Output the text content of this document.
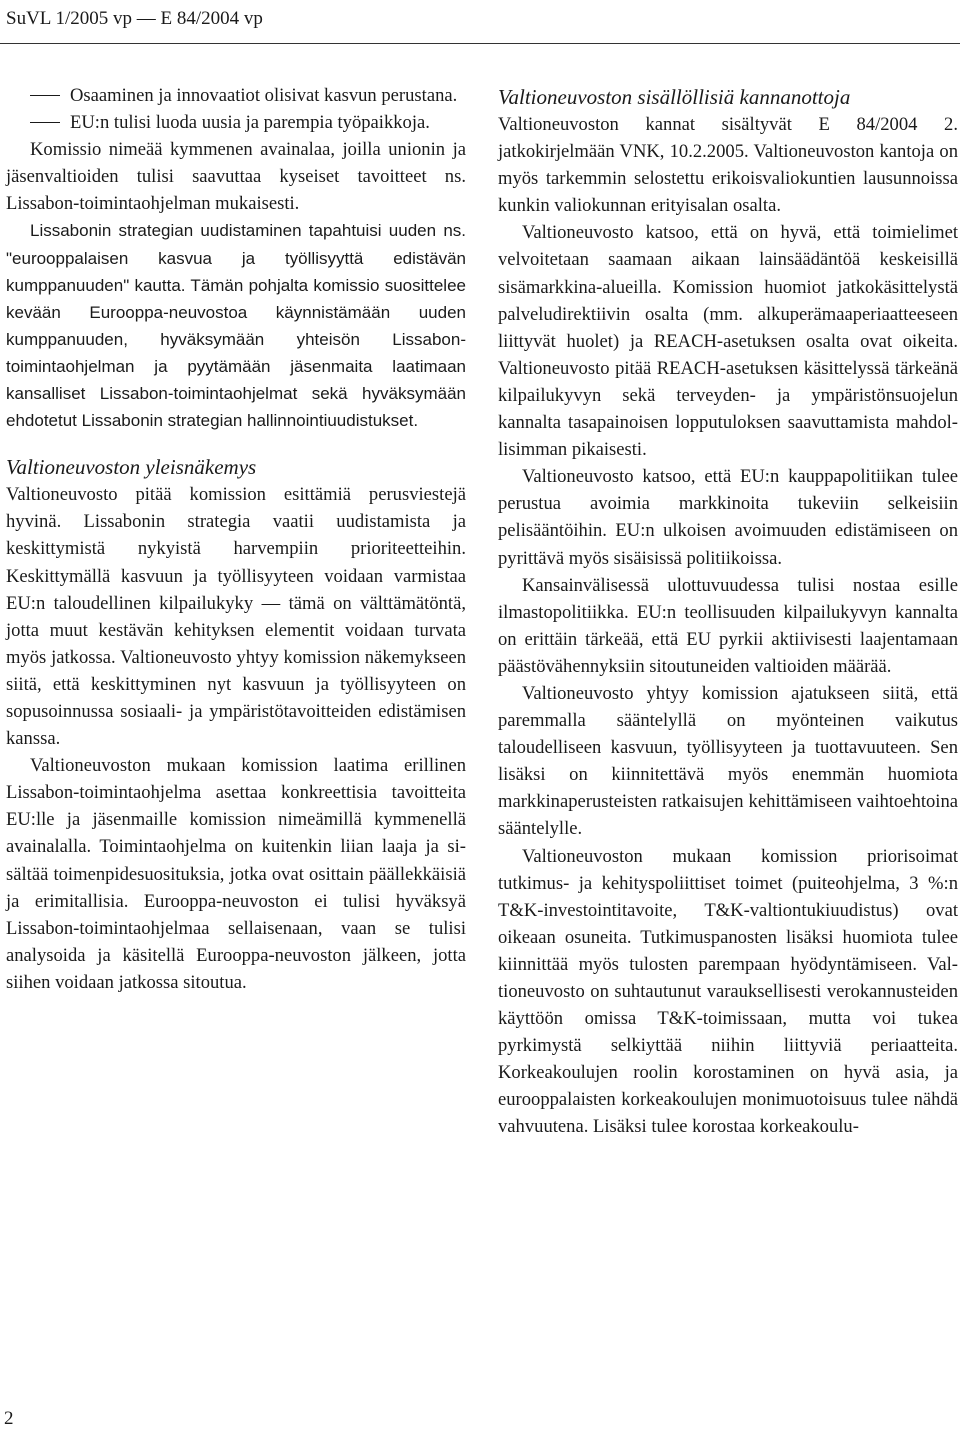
SuVL 1/2005 vp — E 84/2004 vp

Osaaminen ja innovaatiot olisivat kasvun perustana.

EU:n tulisi luoda uusia ja parempia työpaikkoja.

Komissio nimeää kymmenen avainalaa, joilla unionin ja jäsenvaltioiden tulisi saavuttaa kyseiset tavoitteet ns. Lissabon-toimintaohjelman mukaisesti.

Lissabonin strategian uudistaminen tapahtuisi uuden ns. "eurooppalaisen kasvua ja työllisyyttä edistävän kumppanuuden" kautta. Tämän pohjalta komissio suosittelee kevään Eurooppa-neuvostoa käynnistämään uuden kumppanuuden, hyväksymään yhteisön Lissabon-toimintaohjelman ja pyytämään jäsenmaita laatimaan kansalliset Lissabon-toimintaohjelmat sekä hyväksymään ehdotetut Lissabonin strategian hallinnointiuudistukset.

Valtioneuvoston yleisnäkemys

Valtioneuvosto pitää komission esittämiä perusviestejä hyvinä. Lissabonin strategia vaatii uudistamista ja keskittymistä nykyistä harvempiin prioriteetteihin. Keskittymällä kasvuun ja työllisyyteen voidaan varmistaa EU:n taloudellinen kilpailukyky — tämä on välttämätöntä, jotta muut kestävän kehityksen elementit voidaan turvata myös jatkossa. Valtioneuvosto yhtyy komission näkemykseen siitä, että keskittyminen nyt kasvuun ja työllisyyteen on sopusoinnussa sosiaali- ja ympäristötavoitteiden edistämisen kanssa.

Valtioneuvoston mukaan komission laatima erillinen Lissabon-toimintaohjelma asettaa konkreettisia tavoitteita EU:lle ja jäsenmaille komission nimeämillä kymmenellä avainalalla. Toimintaohjelma on kuitenkin liian laaja ja sisältää toimenpidesuosituksia, jotka ovat osittain päällekkäisiä ja erimitallisia. Eurooppa-neuvoston ei tulisi hyväksyä Lissabon-toimintaohjelmaa sellaisenaan, vaan se tulisi analysoida ja käsitellä Eurooppa-neuvoston jälkeen, jotta siihen voidaan jatkossa sitoutua.

Valtioneuvoston sisällöllisiä kannanottoja

Valtioneuvoston kannat sisältyvät E 84/2004 2. jatkokirjelmään VNK, 10.2.2005. Valtioneuvoston kantoja on myös tarkemmin selostettu erikoisvaliokuntien lausunnoissa kunkin valiokunnan erityisalan osalta.

Valtioneuvosto katsoo, että on hyvä, että toimielimet velvoitetaan saamaan aikaan lainsäädäntöä keskeisillä sisämarkkina-alueilla. Komission huomiot jatkokäsittelystä palveludirektiivin osalta (mm. alkuperämaaperiaatteeseen liittyvät huolet) ja REACH-asetuksen osalta ovat oikeita. Valtioneuvosto pitää REACH-asetuksen käsittelyssä tärkeänä kilpailukyvyn sekä terveyden- ja ympäristönsuojelun kannalta tasapainoisen lopputuloksen saavuttamista mahdollisimman pikaisesti.

Valtioneuvosto katsoo, että EU:n kauppapolitiikan tulee perustua avoimia markkinoita tukeviin selkeisiin pelisääntöihin. EU:n ulkoisen avoimuuden edistämiseen on pyrittävä myös sisäisissä politiikoissa.

Kansainvälisessä ulottuvuudessa tulisi nostaa esille ilmastopolitiikka. EU:n teollisuuden kilpailukyvyn kannalta on erittäin tärkeää, että EU pyrkii aktiivisesti laajentamaan päästövähennyksiin sitoutuneiden valtioiden määrää.

Valtioneuvosto yhtyy komission ajatukseen siitä, että paremmalla sääntelyllä on myönteinen vaikutus taloudelliseen kasvuun, työllisyyteen ja tuottavuuteen. Sen lisäksi on kiinnitettävä myös enemmän huomiota markkinaperusteisten ratkaisujen kehittämiseen vaihtoehtoina sääntelylle.

Valtioneuvoston mukaan komission priorisoimat tutkimus- ja kehityspoliittiset toimet (puiteohjelma, 3 %:n T&K-investointitavoite, T&K-valtiontukiuudistus) ovat oikeaan osuneita. Tutkimuspanosten lisäksi huomiota tulee kiinnittää myös tulosten parempaan hyödyntämiseen. Valtioneuvosto on suhtautunut varauksellisesti verokannusteiden käyttöön omissa T&K-toimissaan, mutta voi tukea pyrkimystä selkiyttää niihin liittyviä periaatteita. Korkeakoulujen roolin korostaminen on hyvä asia, ja eurooppalaisten korkeakoulujen monimuotoisuus tulee nähdä vahvuutena. Lisäksi tulee korostaa korkeakoulu-

2
